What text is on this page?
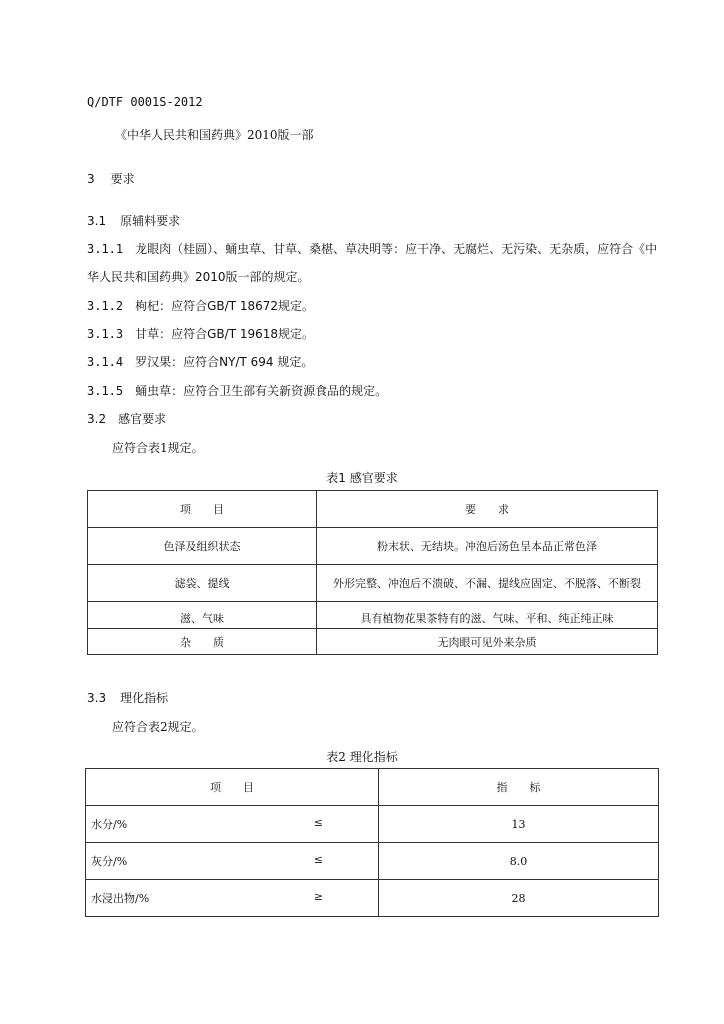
Q/DTF 0001S-2012
《中华人民共和国药典》2010版一部
3 要求
3.1 原辅料要求
3.1.1 龙眼肉（桂圆）、蛹虫草、甘草、桑椹、草决明等：应干净、无腐烂、无污染、无杂质，应符合《中
华人民共和国药典》2010版一部的规定。
3.1.2 枸杞：应符合GB/T 18672规定。
3.1.3 甘草：应符合GB/T 19618规定。
3.1.4 罗汉果：应符合NY/T 694 规定。
3.1.5 蛹虫草：应符合卫生部有关新资源食品的规定。
3.2 感官要求
应符合表1规定。
表1 感官要求
项　　目	要　　求
色泽及组织状态	粉末状、无结块。冲泡后汤色呈本品正常色泽
滤袋、提线	外形完整、冲泡后不溃破、不漏、提线应固定、不脱落、不断裂
滋、气味	具有植物花果茶特有的滋、气味、平和、纯正纯正味
杂　　质	无肉眼可见外来杂质
3.3 理化指标
应符合表2规定。
表2 理化指标
项　　目	指　　标
水分/% ≤	13
灰分/% ≤	8.0
水浸出物/% ≥	28
